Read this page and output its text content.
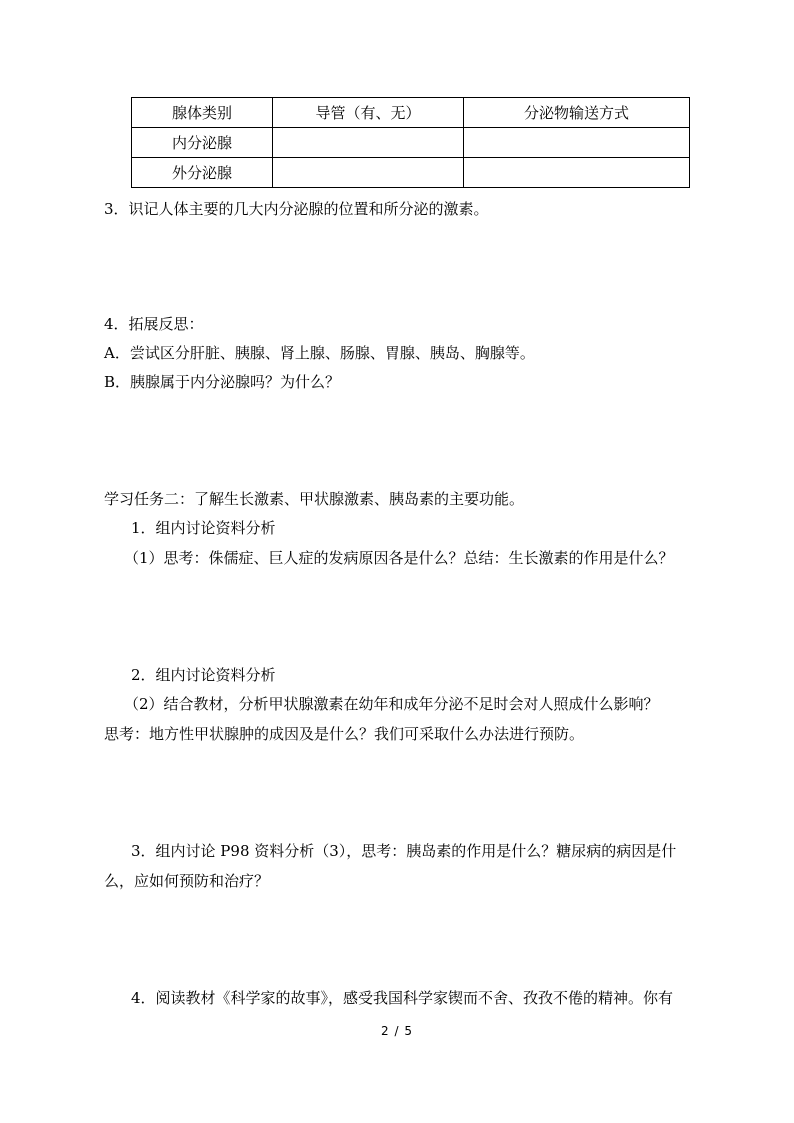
腺体类别	导管（有、无）	分泌物输送方式
内分泌腺		
外分泌腺		
3．识记人体主要的几大内分泌腺的位置和所分泌的激素。
4．拓展反思：
A．尝试区分肝脏、胰腺、肾上腺、肠腺、胃腺、胰岛、胸腺等。
B．胰腺属于内分泌腺吗？为什么？
学习任务二：了解生长激素、甲状腺激素、胰岛素的主要功能。
1．组内讨论资料分析
（1）思考：侏儒症、巨人症的发病原因各是什么？总结：生长激素的作用是什么？
2．组内讨论资料分析
（2）结合教材，分析甲状腺激素在幼年和成年分泌不足时会对人照成什么影响？
思考：地方性甲状腺肿的成因及是什么？我们可采取什么办法进行预防。
3．组内讨论 P98 资料分析（3），思考：胰岛素的作用是什么？糖尿病的病因是什
么，应如何预防和治疗？
4．阅读教材《科学家的故事》，感受我国科学家锲而不舍、孜孜不倦的精神。你有
2 / 5
